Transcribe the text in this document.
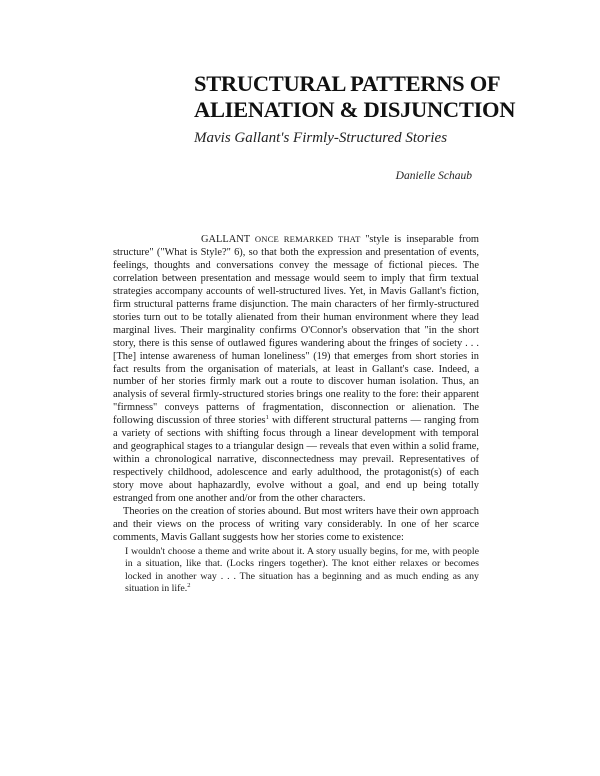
STRUCTURAL PATTERNS OF
ALIENATION & DISJUNCTION
Mavis Gallant's Firmly-Structured Stories
Danielle Schaub

GALLANT ONCE REMARKED THAT "style is inseparable from structure" ("What is Style?" 6), so that both the expression and presentation of events, feelings, thoughts and conversations convey the message of fictional pieces. The correlation between presentation and message would seem to imply that firm textual strategies accompany accounts of well-structured lives. Yet, in Mavis Gallant's fiction, firm structural patterns frame disjunction. The main characters of her firmly-structured stories turn out to be totally alienated from their human environment where they lead marginal lives. Their marginality confirms O'Connor's observation that "in the short story, there is this sense of outlawed figures wandering about the fringes of society . . . [The] intense awareness of human loneliness" (19) that emerges from short stories in fact results from the organisation of materials, at least in Gallant's case. Indeed, a number of her stories firmly mark out a route to discover human isolation. Thus, an analysis of several firmly-structured stories brings one reality to the fore: their apparent "firmness" conveys patterns of fragmentation, disconnection or alienation. The following discussion of three stories$^1$ with different structural patterns — ranging from a variety of sections with shifting focus through a linear development with temporal and geographical stages to a triangular design — reveals that even within a solid frame, within a chronological narrative, disconnectedness may prevail. Representatives of respectively childhood, adolescence and early adulthood, the protagonist(s) of each story move about haphazardly, evolve without a goal, and end up being totally estranged from one another and/or from the other characters.

Theories on the creation of stories abound. But most writers have their own approach and their views on the process of writing vary considerably. In one of her scarce comments, Mavis Gallant suggests how her stories come to existence:

I wouldn't choose a theme and write about it. A story usually begins, for me, with people in a situation, like that. (Locks ringers together). The knot either relaxes or becomes locked in another way . . . The situation has a beginning and as much ending as any situation in life.$^2$
